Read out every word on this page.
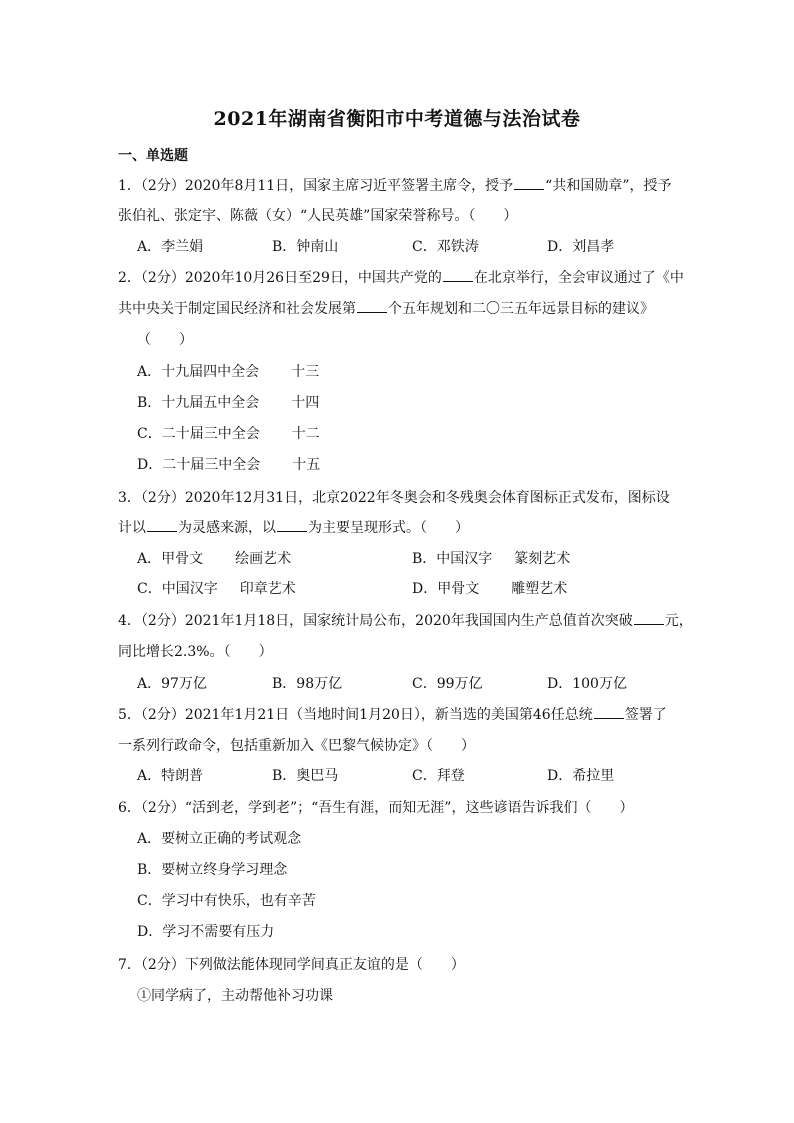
2021年湖南省衡阳市中考道德与法治试卷
一、单选题
1．（2分）2020年8月11日，国家主席习近平签署主席令，授予 “共和国勋章”，授予
张伯礼、张定宇、陈薇（女）“人民英雄”国家荣誉称号。（　　）
A．李兰娟	B．钟南山	C．邓铁涛	D．刘昌孝
2．（2分）2020年10月26日至29日，中国共产党的 在北京举行，全会审议通过了《中
共中央关于制定国民经济和社会发展第 个五年规划和二〇三五年远景目标的建议》
（　　）
A．十九届四中全会 十三
B．十九届五中全会 十四
C．二十届三中全会 十二
D．二十届三中全会 十五
3．（2分）2020年12月31日，北京2022年冬奥会和冬残奥会体育图标正式发布，图标设
计以 为灵感来源，以 为主要呈现形式。（　　）
A．甲骨文 绘画艺术	B．中国汉字 篆刻艺术
C．中国汉字 印章艺术	D．甲骨文 雕塑艺术
4．（2分）2021年1月18日，国家统计局公布，2020年我国国内生产总值首次突破 元，
同比增长2.3%。（　　）
A．97万亿	B．98万亿	C．99万亿	D．100万亿
5．（2分）2021年1月21日（当地时间1月20日），新当选的美国第46任总统 签署了
一系列行政命令，包括重新加入《巴黎气候协定》（　　）
A．特朗普	B．奥巴马	C．拜登	D．希拉里
6．（2分）“活到老，学到老”；“吾生有涯，而知无涯”，这些谚语告诉我们（　　）
A．要树立正确的考试观念
B．要树立终身学习理念
C．学习中有快乐，也有辛苦
D．学习不需要有压力
7．（2分）下列做法能体现同学间真正友谊的是（　　）
①同学病了，主动帮他补习功课
